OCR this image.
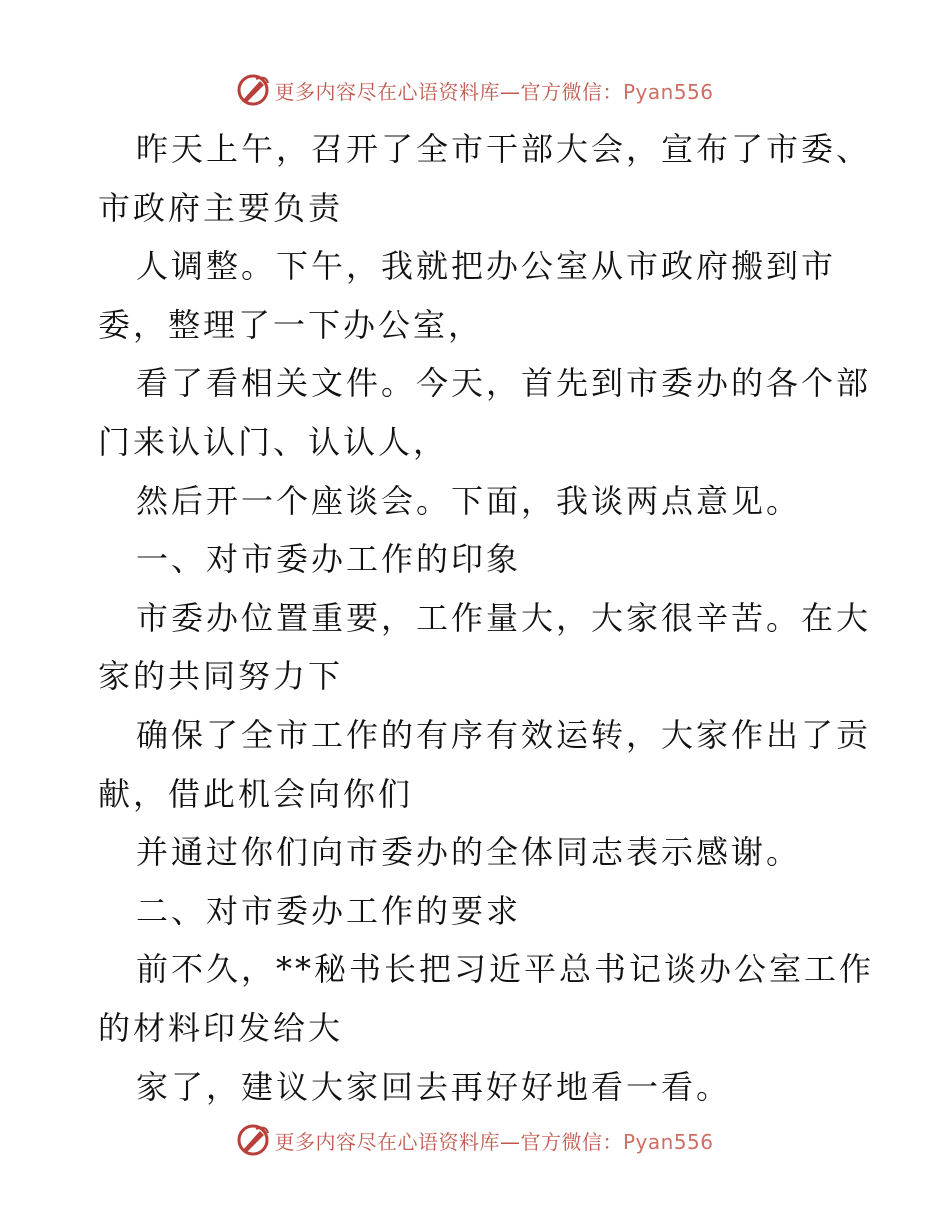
更多内容尽在心语资料库—官方微信：Pyan556
昨天上午，召开了全市干部大会，宣布了市委、
市政府主要负责
人调整。下午，我就把办公室从市政府搬到市
委，整理了一下办公室，
看了看相关文件。今天，首先到市委办的各个部
门来认认门、认认人，
然后开一个座谈会。下面，我谈两点意见。
一、对市委办工作的印象
市委办位置重要，工作量大，大家很辛苦。在大
家的共同努力下
确保了全市工作的有序有效运转，大家作出了贡
献，借此机会向你们
并通过你们向市委办的全体同志表示感谢。
二、对市委办工作的要求
前不久，**秘书长把习近平总书记谈办公室工作
的材料印发给大
家了，建议大家回去再好好地看一看。
更多内容尽在心语资料库—官方微信：Pyan556
